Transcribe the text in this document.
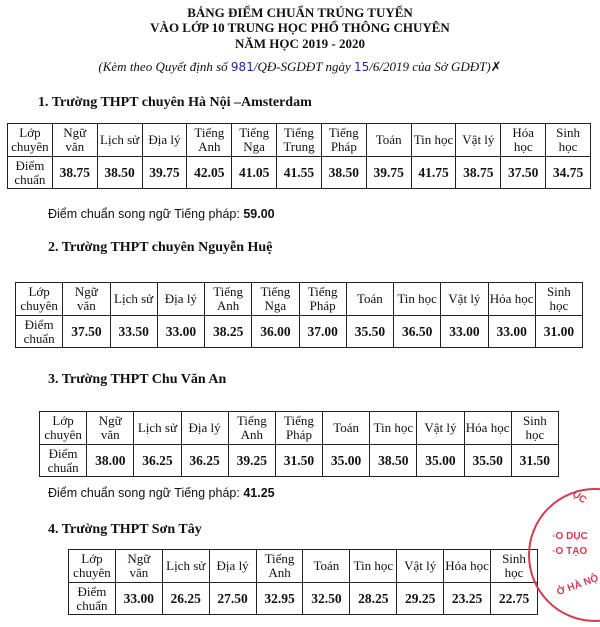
BẢNG ĐIỂM CHUẨN TRÚNG TUYỂN
VÀO LỚP 10 TRUNG HỌC PHỔ THÔNG CHUYÊN
NĂM HỌC 2019 - 2020
(Kèm theo Quyết định số 981/QĐ-SGDĐT ngày 15/6/2019 của Sở GDĐT)✗
1. Trường THPT chuyên Hà Nội –Amsterdam
Lớp chuyên	Ngữ văn	Lịch sử	Địa lý	Tiếng Anh	Tiếng Nga	Tiếng Trung	Tiếng Pháp	Toán	Tin học	Vật lý	Hóa học	Sinh học
Điểm chuẩn	38.75	38.50	39.75	42.05	41.05	41.55	38.50	39.75	41.75	38.75	37.50	34.75
Điểm chuẩn song ngữ Tiếng pháp: 59.00
2. Trường THPT chuyên Nguyễn Huệ
Lớp chuyên	Ngữ văn	Lịch sử	Địa lý	Tiếng Anh	Tiếng Nga	Tiếng Pháp	Toán	Tin học	Vật lý	Hóa học	Sinh học
Điểm chuẩn	37.50	33.50	33.00	38.25	36.00	37.00	35.50	36.50	33.00	33.00	31.00
3. Trường THPT Chu Văn An
Lớp chuyên	Ngữ văn	Lịch sử	Địa lý	Tiếng Anh	Tiếng Pháp	Toán	Tin học	Vật lý	Hóa học	Sinh học
Điểm chuẩn	38.00	36.25	36.25	39.25	31.50	35.00	38.50	35.00	35.50	31.50
Điểm chuẩn song ngữ Tiếng pháp: 41.25
4. Trường THPT Sơn Tây
Lớp chuyên	Ngữ văn	Lịch sử	Địa lý	Tiếng Anh	Toán	Tin học	Vật lý	Hóa học	Sinh học
Điểm chuẩn	33.00	26.25	27.50	32.95	32.50	28.25	29.25	23.25	22.75
ỤC
◦O DỤC
◦O TẠO
Ở HÀ NỘ
